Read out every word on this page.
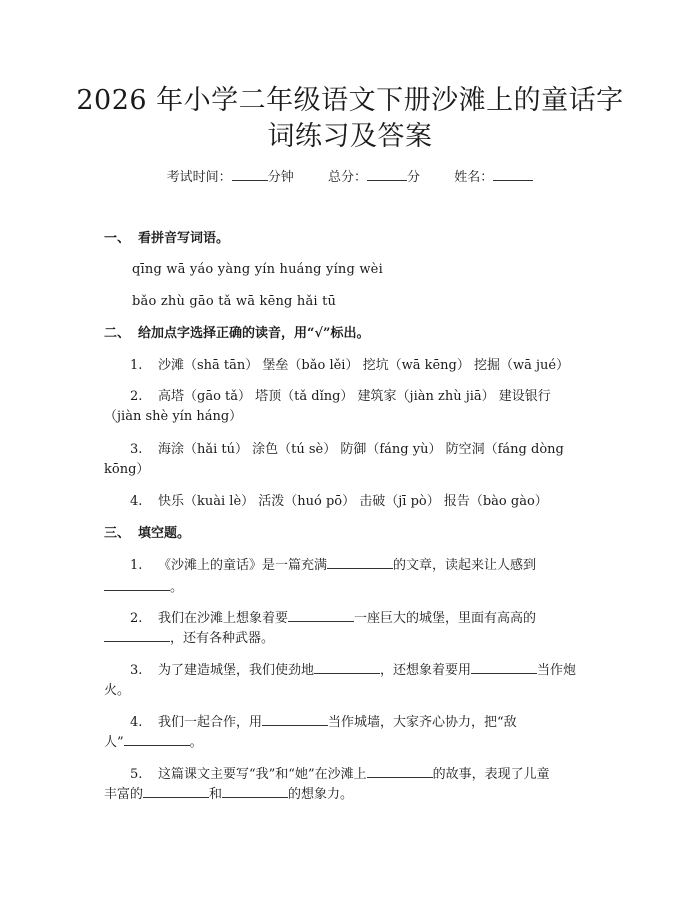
2026 年小学二年级语文下册沙滩上的童话字
词练习及答案
考试时间：	分钟	总分：	分	姓名：
一、 看拼音写词语。
qīng wā yáo yàng yín huáng yíng wèi
bǎo zhù gāo tǎ wā kēng hǎi tū
二、 给加点字选择正确的读音，用“√”标出。
1. 沙滩（shā tān） 堡垒（bǎo lěi） 挖坑（wā kēng） 挖掘（wā jué）
2. 高塔（gāo tǎ） 塔顶（tǎ dǐng） 建筑家（jiàn zhù jiā） 建设银行
（jiàn shè yín háng）
3. 海涂（hǎi tú） 涂色（tú sè） 防御（fáng yù） 防空洞（fáng dòng
kōng）
4. 快乐（kuài lè） 活泼（huó pō） 击破（jī pò） 报告（bào gào）
三、 填空题。
1. 《沙滩上的童话》是一篇充满	的文章，读起来让人感到
。
2. 我们在沙滩上想象着要	一座巨大的城堡，里面有高高的
，还有各种武器。
3. 为了建造城堡，我们使劲地	，还想象着要用	当作炮
火。
4. 我们一起合作，用	当作城墙，大家齐心协力，把“敌
人”	。
5. 这篇课文主要写“我”和“她”在沙滩上	的故事，表现了儿童
丰富的	和	的想象力。
